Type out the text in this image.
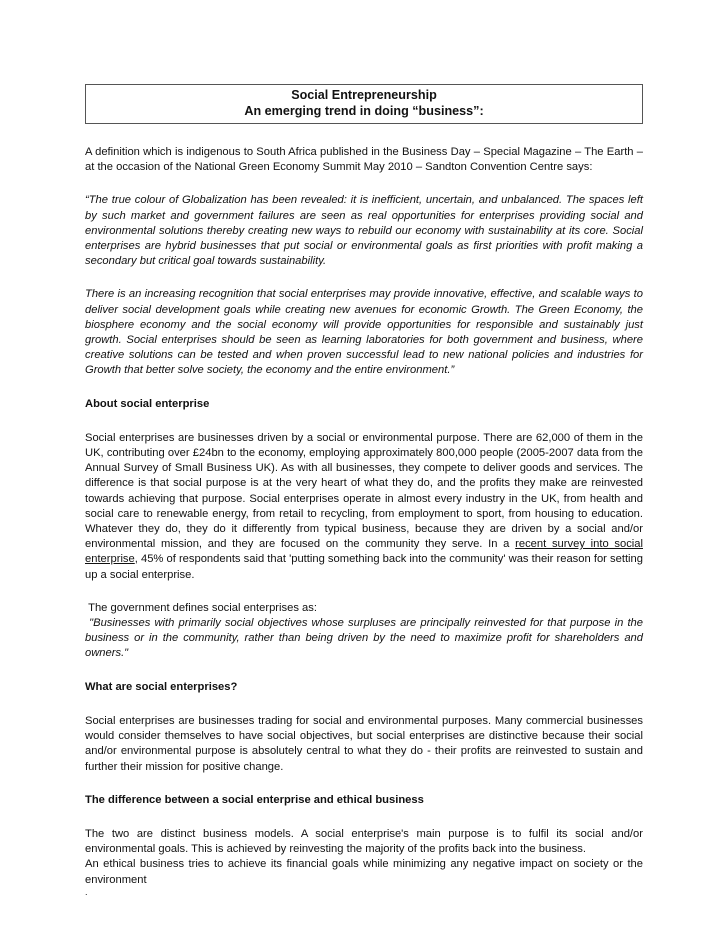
Social Entrepreneurship
An emerging trend in doing “business”:

A definition which is indigenous to South Africa published in the Business Day – Special Magazine – The Earth – at the occasion of the National Green Economy Summit May 2010 – Sandton Convention Centre says:

“The true colour of Globalization has been revealed: it is inefficient, uncertain, and unbalanced. The spaces left by such market and government failures are seen as real opportunities for enterprises providing social and environmental solutions thereby creating new ways to rebuild our economy with sustainability at its core. Social enterprises are hybrid businesses that put social or environmental goals as first priorities with profit making a secondary but critical goal towards sustainability.

There is an increasing recognition that social enterprises may provide innovative, effective, and scalable ways to deliver social development goals while creating new avenues for economic Growth. The Green Economy, the biosphere economy and the social economy will provide opportunities for responsible and sustainably just growth. Social enterprises should be seen as learning laboratories for both government and business, where creative solutions can be tested and when proven successful lead to new national policies and industries for Growth that better solve society, the economy and the entire environment.”

About social enterprise

Social enterprises are businesses driven by a social or environmental purpose. There are 62,000 of them in the UK, contributing over £24bn to the economy, employing approximately 800,000 people (2005-2007 data from the Annual Survey of Small Business UK). As with all businesses, they compete to deliver goods and services. The difference is that social purpose is at the very heart of what they do, and the profits they make are reinvested towards achieving that purpose. Social enterprises operate in almost every industry in the UK, from health and social care to renewable energy, from retail to recycling, from employment to sport, from housing to education. Whatever they do, they do it differently from typical business, because they are driven by a social and/or environmental mission, and they are focused on the community they serve. In a recent survey into social enterprise, 45% of respondents said that 'putting something back into the community' was their reason for setting up a social enterprise.

The government defines social enterprises as:

"Businesses with primarily social objectives whose surpluses are principally reinvested for that purpose in the business or in the community, rather than being driven by the need to maximize profit for shareholders and owners."

What are social enterprises?

Social enterprises are businesses trading for social and environmental purposes. Many commercial businesses would consider themselves to have social objectives, but social enterprises are distinctive because their social and/or environmental purpose is absolutely central to what they do - their profits are reinvested to sustain and further their mission for positive change.

The difference between a social enterprise and ethical business

The two are distinct business models. A social enterprise's main purpose is to fulfil its social and/or environmental goals. This is achieved by reinvesting the majority of the profits back into the business.

An ethical business tries to achieve its financial goals while minimizing any negative impact on society or the environment

.
